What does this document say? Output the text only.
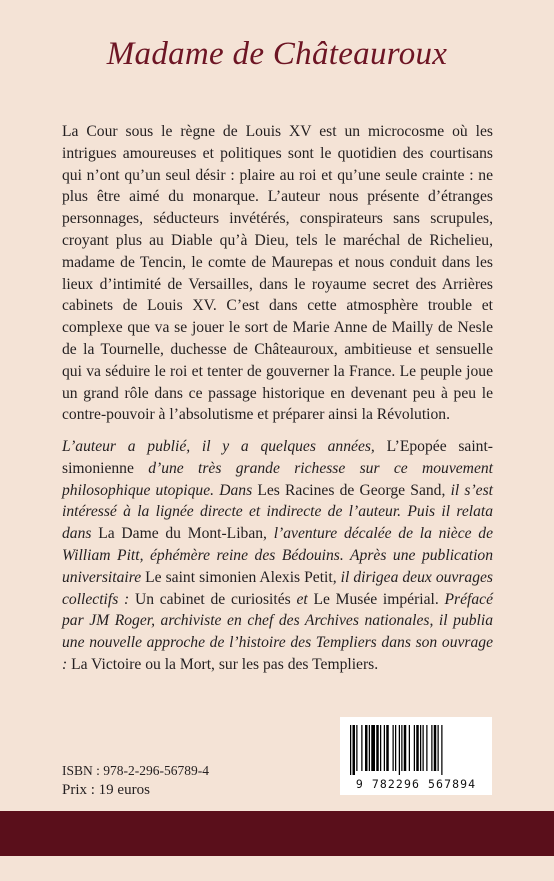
Madame de Châteauroux

La Cour sous le règne de Louis XV est un microcosme où les intrigues amoureuses et politiques sont le quotidien des courtisans qui n’ont qu’un seul désir : plaire au roi et qu’une seule crainte : ne plus être aimé du monarque. L’auteur nous présente d’étranges personnages, séducteurs invétérés, conspirateurs sans scrupules, croyant plus au Diable qu’à Dieu, tels le maréchal de Richelieu, madame de Tencin, le comte de Maurepas et nous conduit dans les lieux d’intimité de Versailles, dans le royaume secret des Arrières cabinets de Louis XV. C’est dans cette atmosphère trouble et complexe que va se jouer le sort de Marie Anne de Mailly de Nesle de la Tournelle, duchesse de Châteauroux, ambitieuse et sensuelle qui va séduire le roi et tenter de gouverner la France. Le peuple joue un grand rôle dans ce passage historique en devenant peu à peu le contre-pouvoir à l’absolutisme et préparer ainsi la Révolution.

L’auteur a publié, il y a quelques années, L’Epopée saint-simonienne d’une très grande richesse sur ce mouvement philosophique utopique. Dans Les Racines de George Sand, il s’est intéressé à la lignée directe et indirecte de l’auteur. Puis il relata dans La Dame du Mont-Liban, l’aventure décalée de la nièce de William Pitt, éphémère reine des Bédouins. Après une publication universitaire Le saint simonien Alexis Petit, il dirigea deux ouvrages collectifs : Un cabinet de curiosités et Le Musée impérial. Préfacé par JM Roger, archiviste en chef des Archives nationales, il publia une nouvelle approche de l’histoire des Templiers dans son ouvrage : La Victoire ou la Mort, sur les pas des Templiers.

ISBN : 978-2-296-56789-4
Prix : 19 euros	9 782296 567894
